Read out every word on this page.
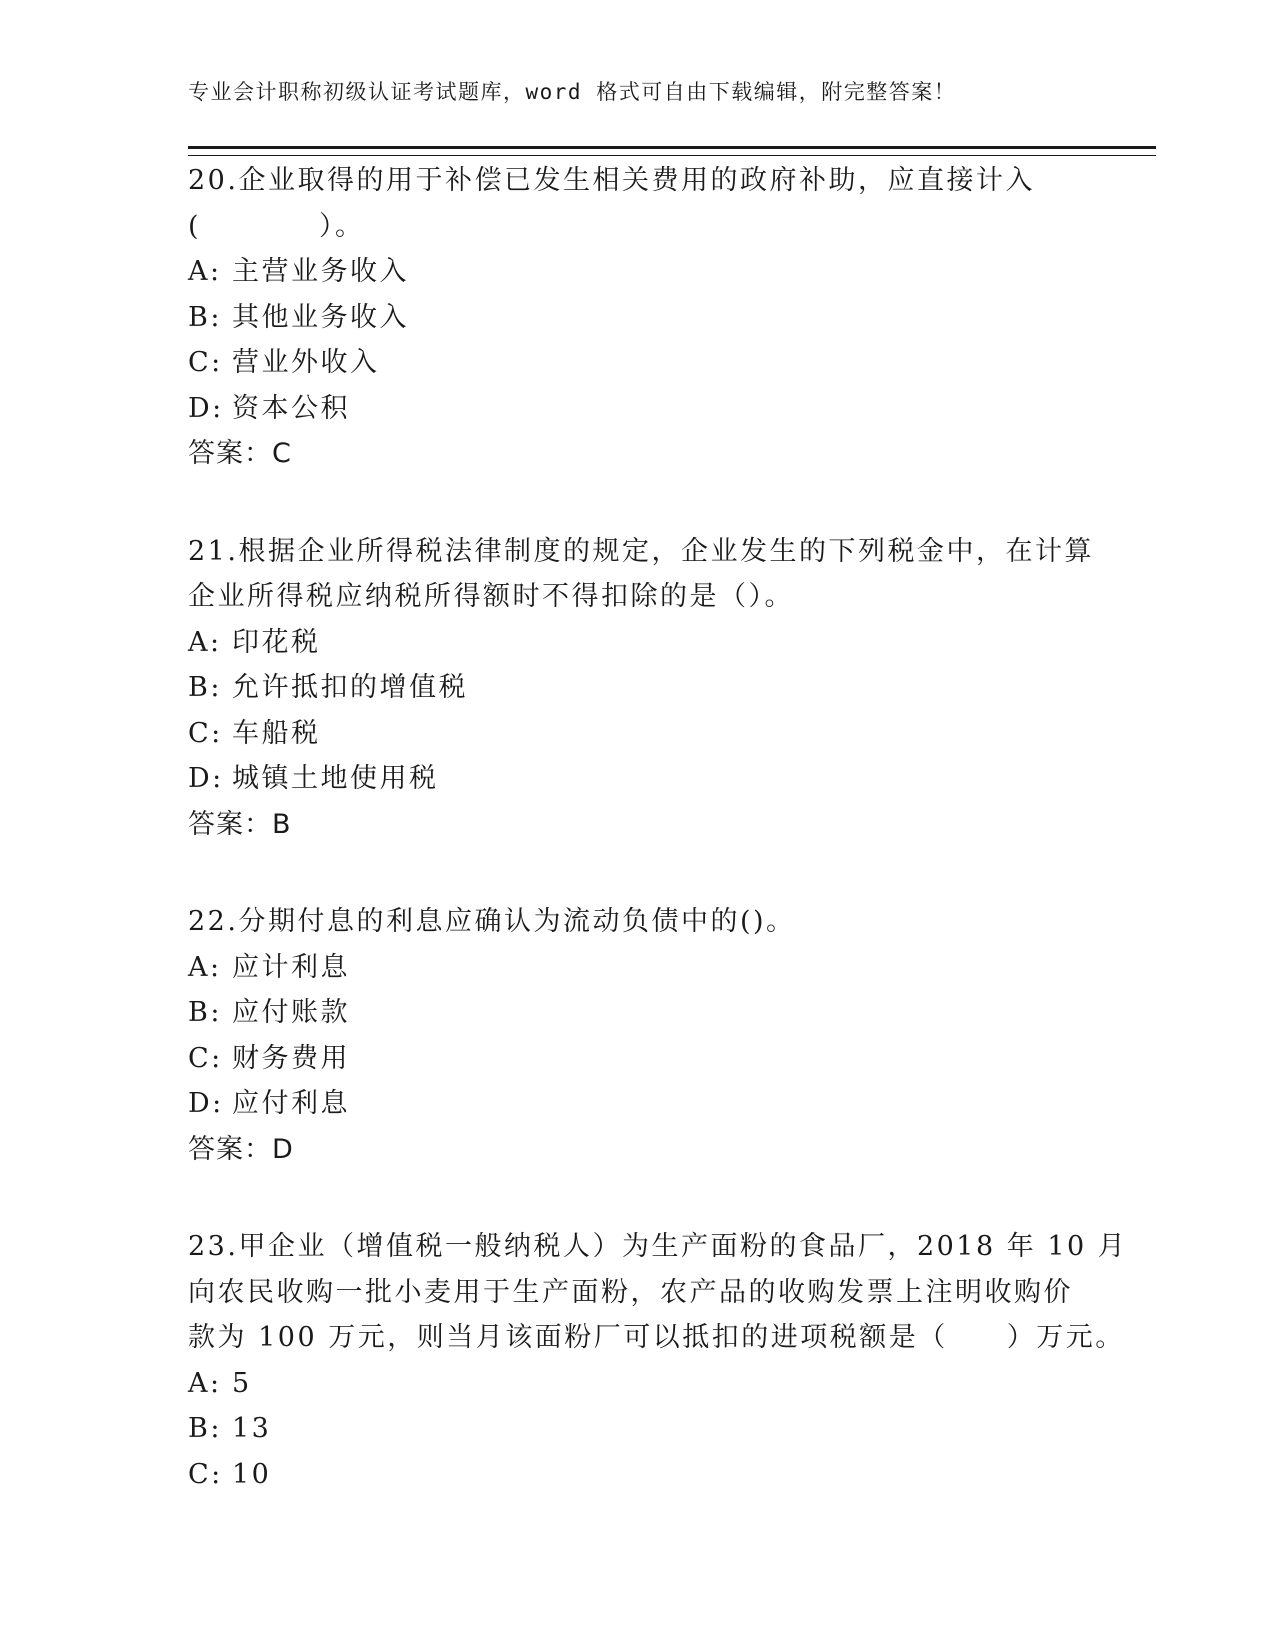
专业会计职称初级认证考试题库，word 格式可自由下载编辑，附完整答案！
20.企业取得的用于补偿已发生相关费用的政府补助，应直接计入
(　　　　）。
A: 主营业务收入
B: 其他业务收入
C: 营业外收入
D: 资本公积
答案：C
21.根据企业所得税法律制度的规定，企业发生的下列税金中，在计算
企业所得税应纳税所得额时不得扣除的是（）。
A: 印花税
B: 允许抵扣的增值税
C: 车船税
D: 城镇土地使用税
答案：B
22.分期付息的利息应确认为流动负债中的()。
A: 应计利息
B: 应付账款
C: 财务费用
D: 应付利息
答案：D
23.甲企业（增值税一般纳税人）为生产面粉的食品厂，2018 年 10 月
向农民收购一批小麦用于生产面粉，农产品的收购发票上注明收购价
款为 100 万元，则当月该面粉厂可以抵扣的进项税额是（　　）万元。
A: 5
B: 13
C: 10
